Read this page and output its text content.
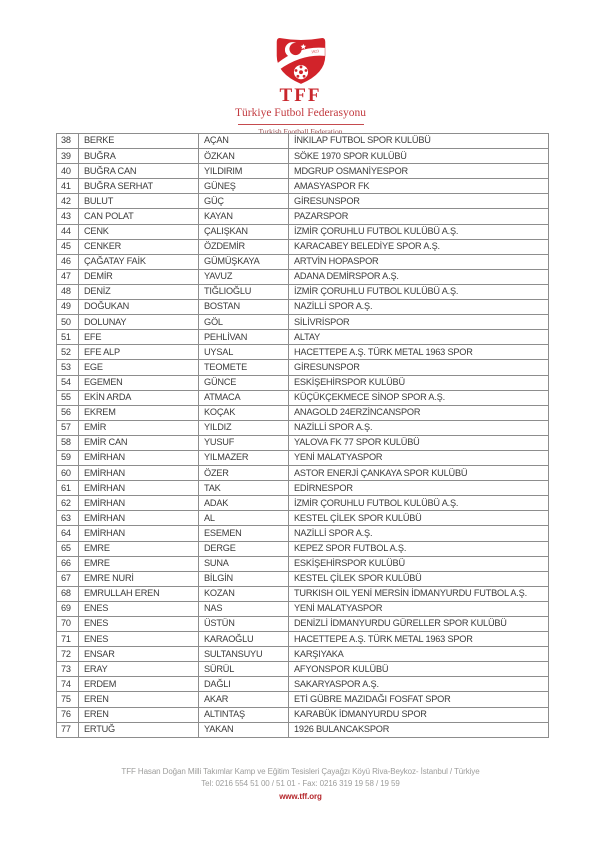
1923
TFF
Türkiye Futbol Federasyonu
Turkish Football Federation
38	BERKE	AÇAN	İNKILAP FUTBOL SPOR KULÜBÜ
39	BUĞRA	ÖZKAN	SÖKE 1970 SPOR KULÜBÜ
40	BUĞRA CAN	YILDIRIM	MDGRUP OSMANİYESPOR
41	BUĞRA SERHAT	GÜNEŞ	AMASYASPOR FK
42	BULUT	GÜÇ	GİRESUNSPOR
43	CAN POLAT	KAYAN	PAZARSPOR
44	CENK	ÇALIŞKAN	İZMİR ÇORUHLU FUTBOL KULÜBÜ A.Ş.
45	CENKER	ÖZDEMİR	KARACABEY BELEDİYE SPOR A.Ş.
46	ÇAĞATAY FAİK	GÜMÜŞKAYA	ARTVİN HOPASPOR
47	DEMİR	YAVUZ	ADANA DEMİRSPOR A.Ş.
48	DENİZ	TIĞLIOĞLU	İZMİR ÇORUHLU FUTBOL KULÜBÜ A.Ş.
49	DOĞUKAN	BOSTAN	NAZİLLİ SPOR A.Ş.
50	DOLUNAY	GÖL	SİLİVRİSPOR
51	EFE	PEHLİVAN	ALTAY
52	EFE ALP	UYSAL	HACETTEPE A.Ş. TÜRK METAL 1963 SPOR
53	EGE	TEOMETE	GİRESUNSPOR
54	EGEMEN	GÜNCE	ESKİŞEHİRSPOR KULÜBÜ
55	EKİN ARDA	ATMACA	KÜÇÜKÇEKMECE SİNOP SPOR A.Ş.
56	EKREM	KOÇAK	ANAGOLD 24ERZİNCANSPOR
57	EMİR	YILDIZ	NAZİLLİ SPOR A.Ş.
58	EMİR CAN	YUSUF	YALOVA FK 77 SPOR KULÜBÜ
59	EMİRHAN	YILMAZER	YENİ MALATYASPOR
60	EMİRHAN	ÖZER	ASTOR ENERJİ ÇANKAYA SPOR KULÜBÜ
61	EMİRHAN	TAK	EDİRNESPOR
62	EMİRHAN	ADAK	İZMİR ÇORUHLU FUTBOL KULÜBÜ A.Ş.
63	EMİRHAN	AL	KESTEL ÇİLEK SPOR KULÜBÜ
64	EMİRHAN	ESEMEN	NAZİLLİ SPOR A.Ş.
65	EMRE	DERGE	KEPEZ SPOR FUTBOL A.Ş.
66	EMRE	SUNA	ESKİŞEHİRSPOR KULÜBÜ
67	EMRE NURİ	BİLGİN	KESTEL ÇİLEK SPOR KULÜBÜ
68	EMRULLAH EREN	KOZAN	TURKISH OIL YENİ MERSİN İDMANYURDU FUTBOL A.Ş.
69	ENES	NAS	YENİ MALATYASPOR
70	ENES	ÜSTÜN	DENİZLİ İDMANYURDU GÜRELLER SPOR KULÜBÜ
71	ENES	KARAOĞLU	HACETTEPE A.Ş. TÜRK METAL 1963 SPOR
72	ENSAR	SULTANSUYU	KARŞIYAKA
73	ERAY	SÜRÜL	AFYONSPOR KULÜBÜ
74	ERDEM	DAĞLI	SAKARYASPOR A.Ş.
75	EREN	AKAR	ETİ GÜBRE MAZIDAĞI FOSFAT SPOR
76	EREN	ALTINTAŞ	KARABÜK İDMANYURDU SPOR
77	ERTUĞ	YAKAN	1926 BULANCAKSPOR
TFF Hasan Doğan Milli Takımlar Kamp ve Eğitim Tesisleri Çayağzı Köyü Riva-Beykoz- İstanbul / Türkiye
Tel: 0216 554 51 00 / 51 01 - Fax: 0216 319 19 58 / 19 59
www.tff.org
